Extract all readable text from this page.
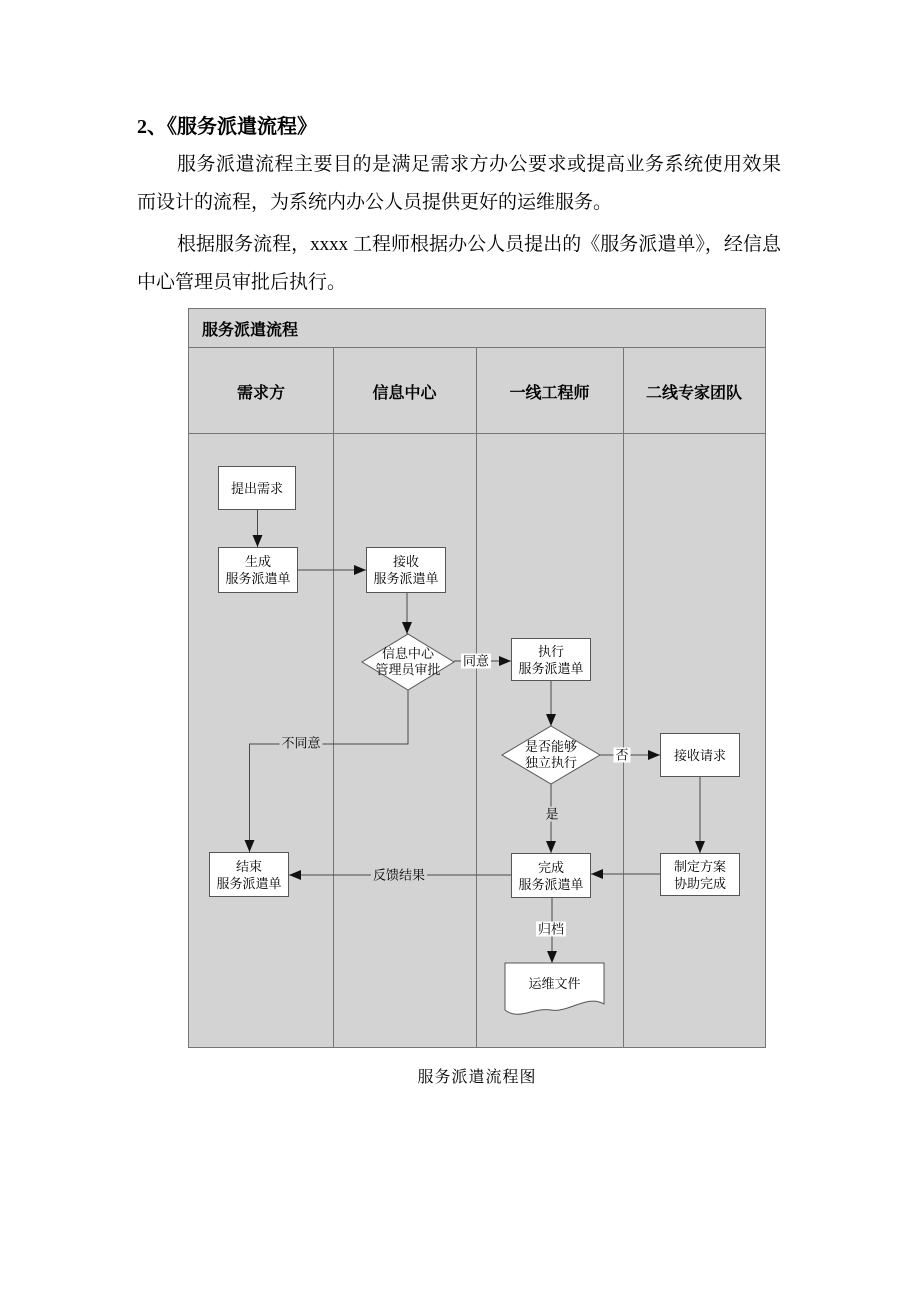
2、《服务派遣流程》

服务派遣流程主要目的是满足需求方办公要求或提高业务系统使用效果而设计的流程，为系统内办公人员提供更好的运维服务。

根据服务流程，xxxx 工程师根据办公人员提出的《服务派遣单》，经信息中心管理员审批后执行。

服务派遣流程
需求方	信息中心	一线工程师	二线专家团队
提出需求
生成
服务派遣单
接收
服务派遣单
信息中心
管理员审批
执行
服务派遣单
是否能够
独立执行	接收请求
完成
服务派遣单
制定方案
协助完成
结束
服务派遣单
运维文件
同意
不同意
否
是
反馈结果
归档
服务派遣流程图
